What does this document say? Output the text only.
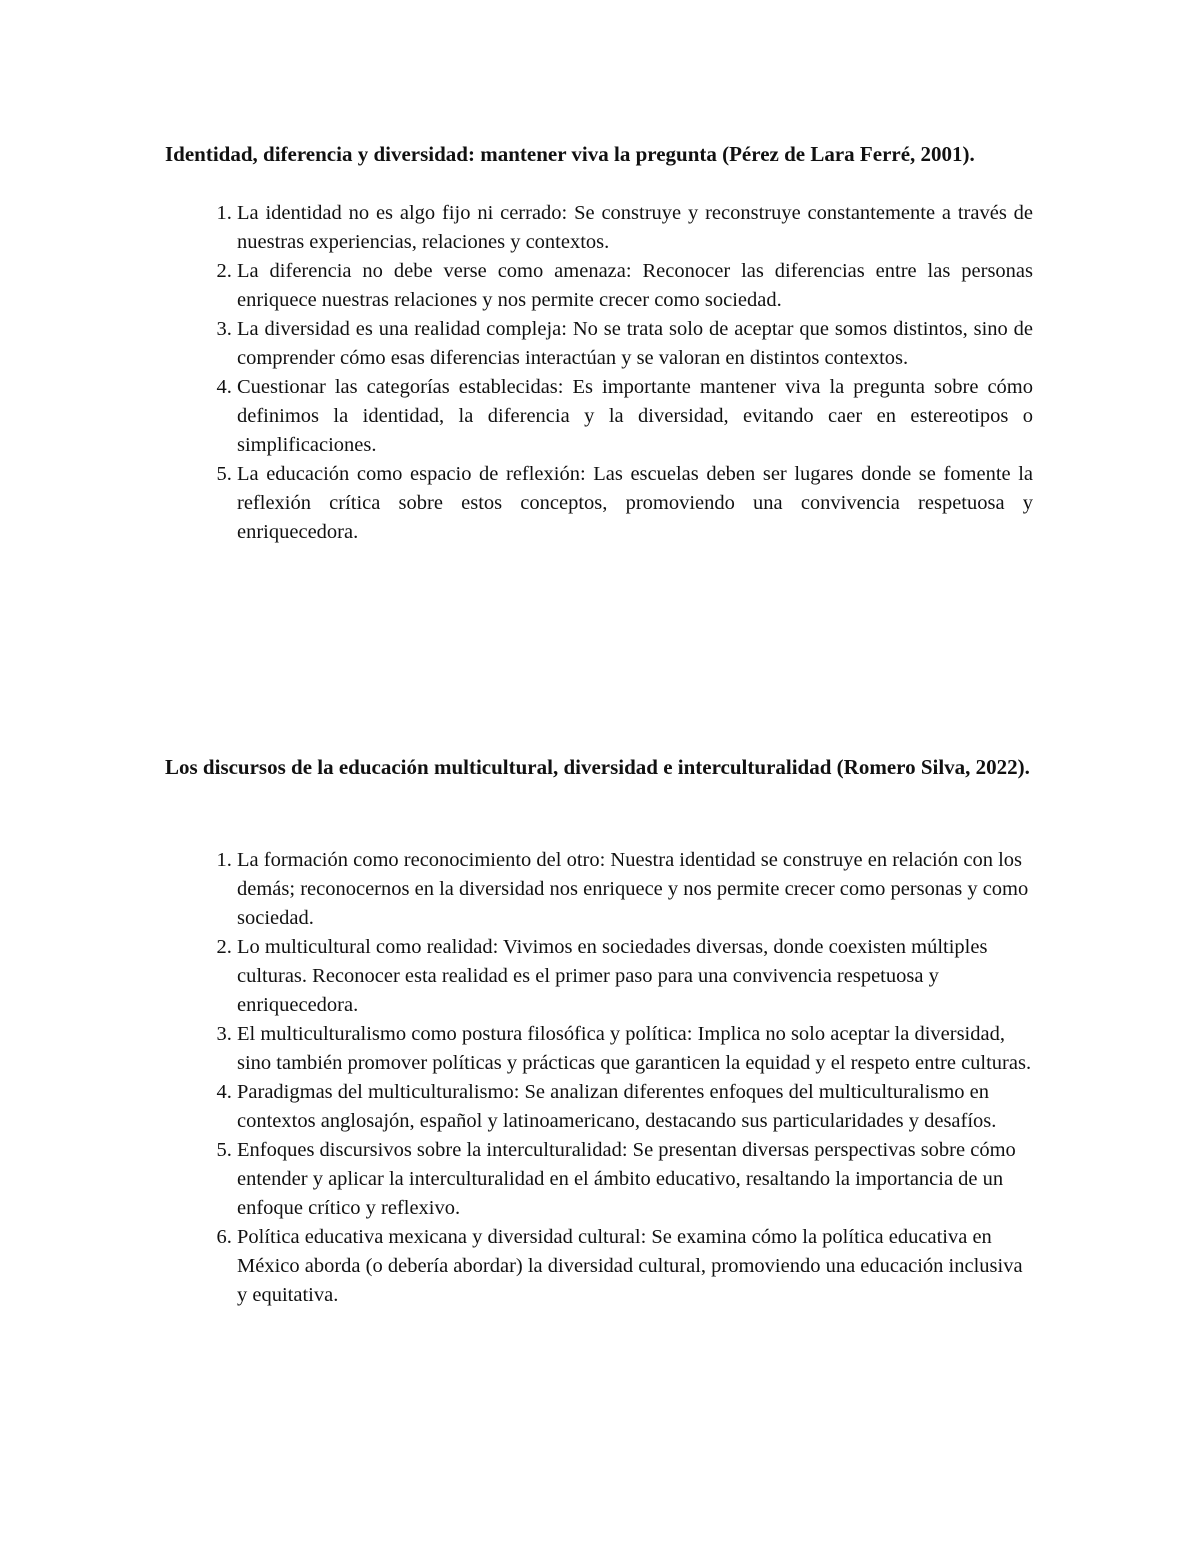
Identidad, diferencia y diversidad: mantener viva la pregunta (Pérez de Lara Ferré, 2001).

1. La identidad no es algo fijo ni cerrado: Se construye y reconstruye constantemente a través de nuestras experiencias, relaciones y contextos.
2. La diferencia no debe verse como amenaza: Reconocer las diferencias entre las personas enriquece nuestras relaciones y nos permite crecer como sociedad.
3. La diversidad es una realidad compleja: No se trata solo de aceptar que somos distintos, sino de comprender cómo esas diferencias interactúan y se valoran en distintos contextos.
4. Cuestionar las categorías establecidas: Es importante mantener viva la pregunta sobre cómo definimos la identidad, la diferencia y la diversidad, evitando caer en estereotipos o simplificaciones.
5. La educación como espacio de reflexión: Las escuelas deben ser lugares donde se fomente la reflexión crítica sobre estos conceptos, promoviendo una convivencia respetuosa y enriquecedora.

Los discursos de la educación multicultural, diversidad e interculturalidad (Romero Silva, 2022).

1. La formación como reconocimiento del otro: Nuestra identidad se construye en relación con los demás; reconocernos en la diversidad nos enriquece y nos permite crecer como personas y como sociedad.
2. Lo multicultural como realidad: Vivimos en sociedades diversas, donde coexisten múltiples culturas. Reconocer esta realidad es el primer paso para una convivencia respetuosa y enriquecedora.
3. El multiculturalismo como postura filosófica y política: Implica no solo aceptar la diversidad, sino también promover políticas y prácticas que garanticen la equidad y el respeto entre culturas.
4. Paradigmas del multiculturalismo: Se analizan diferentes enfoques del multiculturalismo en contextos anglosajón, español y latinoamericano, destacando sus particularidades y desafíos.
5. Enfoques discursivos sobre la interculturalidad: Se presentan diversas perspectivas sobre cómo entender y aplicar la interculturalidad en el ámbito educativo, resaltando la importancia de un enfoque crítico y reflexivo.
6. Política educativa mexicana y diversidad cultural: Se examina cómo la política educativa en México aborda (o debería abordar) la diversidad cultural, promoviendo una educación inclusiva y equitativa.
